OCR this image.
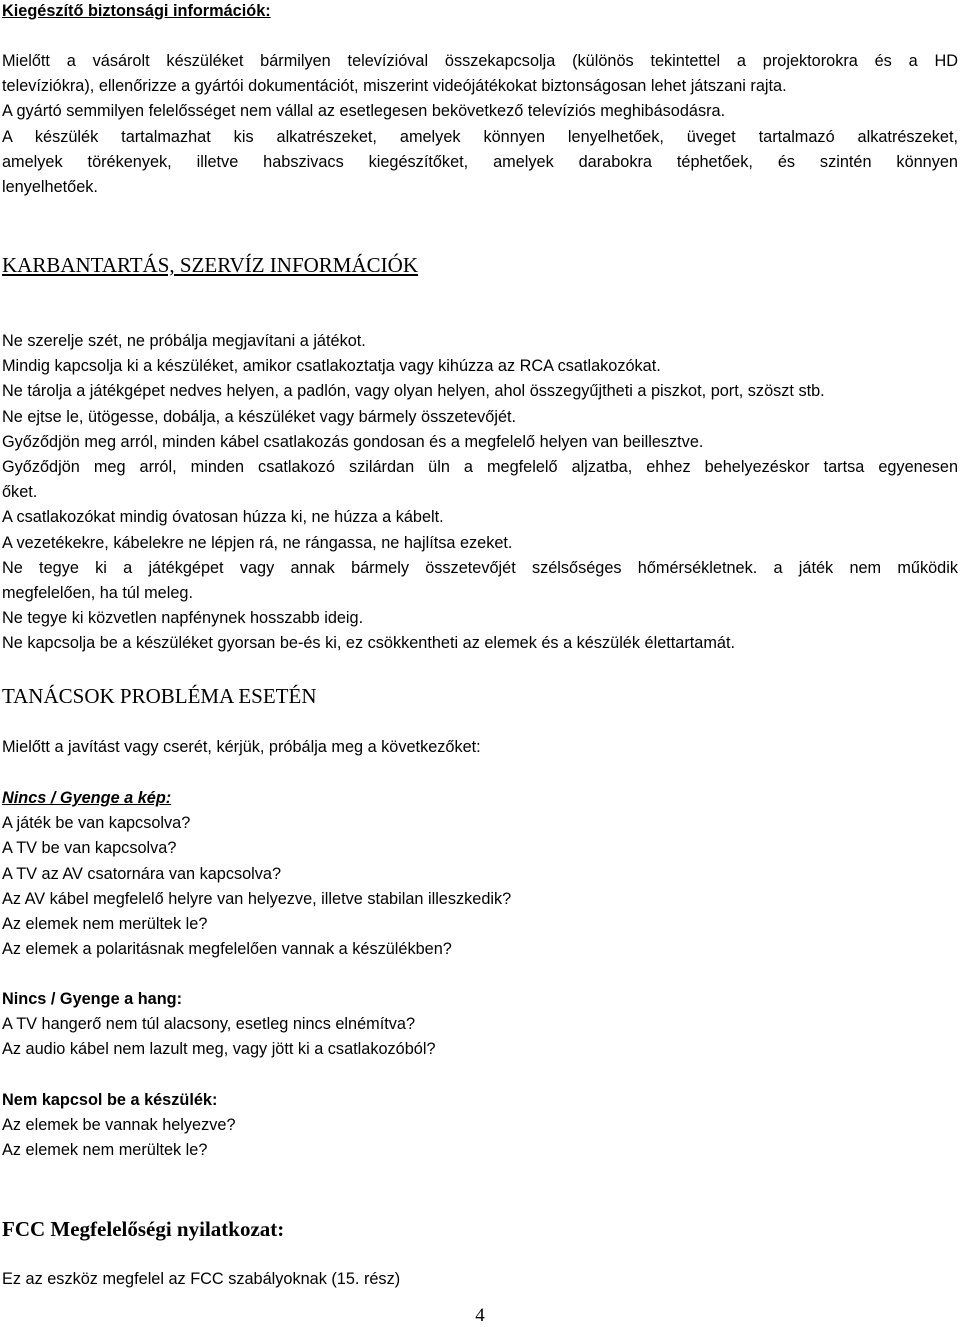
Kiegészítő biztonsági információk:
Mielőtt a vásárolt készüléket bármilyen televízióval összekapcsolja (különös tekintettel a projektorokra és a HD
televíziókra), ellenőrizze a gyártói dokumentációt, miszerint videójátékokat biztonságosan lehet játszani rajta.
A gyártó semmilyen felelősséget nem vállal az esetlegesen bekövetkező televíziós meghibásodásra.
A készülék tartalmazhat kis alkatrészeket, amelyek könnyen lenyelhetőek, üveget tartalmazó alkatrészeket,
amelyek törékenyek, illetve habszivacs kiegészítőket, amelyek darabokra téphetőek, és szintén könnyen
lenyelhetőek.
KARBANTARTÁS, SZERVÍZ INFORMÁCIÓK
Ne szerelje szét, ne próbálja megjavítani a játékot.
Mindig kapcsolja ki a készüléket, amikor csatlakoztatja vagy kihúzza az RCA csatlakozókat.
Ne tárolja a játékgépet nedves helyen, a padlón, vagy olyan helyen, ahol összegyűjtheti a piszkot, port, szöszt stb.
Ne ejtse le, ütögesse, dobálja, a készüléket vagy bármely összetevőjét.
Győződjön meg arról, minden kábel csatlakozás gondosan és a megfelelő helyen van beillesztve.
Győződjön meg arról, minden csatlakozó szilárdan üln a megfelelő aljzatba, ehhez behelyezéskor tartsa egyenesen
őket.
A csatlakozókat mindig óvatosan húzza ki, ne húzza a kábelt.
A vezetékekre, kábelekre ne lépjen rá, ne rángassa, ne hajlítsa ezeket.
Ne tegye ki a játékgépet vagy annak bármely összetevőjét szélsőséges hőmérsékletnek. a játék nem működik
megfelelően, ha túl meleg.
Ne tegye ki közvetlen napfénynek hosszabb ideig.
Ne kapcsolja be a készüléket gyorsan be-és ki, ez csökkentheti az elemek és a készülék élettartamát.
TANÁCSOK PROBLÉMA ESETÉN
Mielőtt a javítást vagy cserét, kérjük, próbálja meg a következőket:
Nincs / Gyenge a kép:
A játék be van kapcsolva?
A TV be van kapcsolva?
A TV az AV csatornára van kapcsolva?
Az AV kábel megfelelő helyre van helyezve, illetve stabilan illeszkedik?
Az elemek nem merültek le?
Az elemek a polaritásnak megfelelően vannak a készülékben?
Nincs / Gyenge a hang:
A TV hangerő nem túl alacsony, esetleg nincs elnémítva?
Az audio kábel nem lazult meg, vagy jött ki a csatlakozóból?
Nem kapcsol be a készülék:
Az elemek be vannak helyezve?
Az elemek nem merültek le?
FCC Megfelelőségi nyilatkozat:
Ez az eszköz megfelel az FCC szabályoknak (15. rész)
4
